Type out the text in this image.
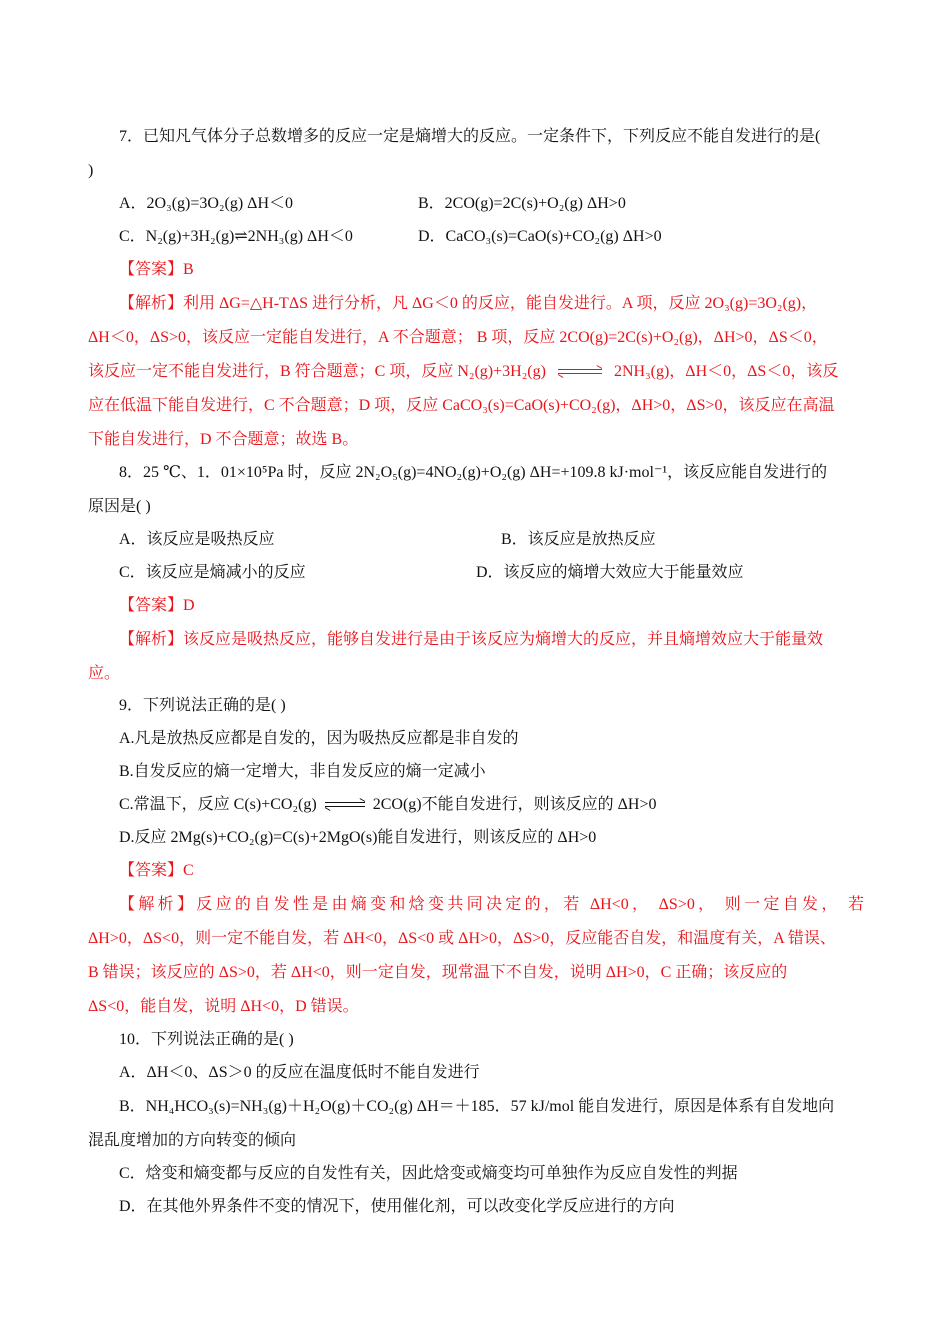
7．已知凡气体分子总数增多的反应一定是熵增大的反应。一定条件下，下列反应不能自发进行的是(
)
A．2O₃(g)=3O₂(g) ΔH＜0	B．2CO(g)=2C(s)+O₂(g) ΔH>0
C．N₂(g)+3H₂(g)⇌2NH₃(g) ΔH＜0	D．CaCO₃(s)=CaO(s)+CO₂(g) ΔH>0
【答案】B
【解析】利用 ΔG=△H-TΔS 进行分析，凡 ΔG＜0 的反应，能自发进行。A 项，反应 2O₃(g)=3O₂(g)，
ΔH＜0，ΔS>0，该反应一定能自发进行，A 不合题意； B 项，反应 2CO(g)=2C(s)+O₂(g)，ΔH>0，ΔS＜0，
该反应一定不能自发进行，B 符合题意；C 项，反应 N₂(g)+3H₂(g) ⇌ 2NH₃(g)，ΔH＜0，ΔS＜0，该反
应在低温下能自发进行，C 不合题意；D 项，反应 CaCO₃(s)=CaO(s)+CO₂(g)，ΔH>0，ΔS>0，该反应在高温
下能自发进行，D 不合题意；故选 B。
8．25 ℃、1．01×10⁵Pa 时，反应 2N₂O₅(g)=4NO₂(g)+O₂(g) ΔH=+109.8 kJ·mol⁻¹，该反应能自发进行的
原因是( )
A．该反应是吸热反应	B．该反应是放热反应
C．该反应是熵减小的反应	D．该反应的熵增大效应大于能量效应
【答案】D
【解析】该反应是吸热反应，能够自发进行是由于该反应为熵增大的反应，并且熵增效应大于能量效
应。
9．下列说法正确的是( )
A.凡是放热反应都是自发的，因为吸热反应都是非自发的
B.自发反应的熵一定增大，非自发反应的熵一定减小
C.常温下，反应 C(s)+CO₂(g) ⇌ 2CO(g)不能自发进行，则该反应的 ΔH>0
D.反应 2Mg(s)+CO₂(g)=C(s)+2MgO(s)能自发进行，则该反应的 ΔH>0
【答案】C
【解析】反应的自发性是由熵变和焓变共同决定的，若 ΔH<0， ΔS>0， 则一定自发， 若
ΔH>0，ΔS<0，则一定不能自发，若 ΔH<0，ΔS<0 或 ΔH>0，ΔS>0，反应能否自发，和温度有关，A 错误、
B 错误；该反应的 ΔS>0，若 ΔH<0，则一定自发，现常温下不自发，说明 ΔH>0，C 正确；该反应的
ΔS<0，能自发，说明 ΔH<0，D 错误。
10．下列说法正确的是( )
A．ΔH＜0、ΔS＞0 的反应在温度低时不能自发进行
B．NH₄HCO₃(s)=NH₃(g)＋H₂O(g)＋CO₂(g) ΔH＝＋185．57 kJ/mol 能自发进行，原因是体系有自发地向
混乱度增加的方向转变的倾向
C．焓变和熵变都与反应的自发性有关，因此焓变或熵变均可单独作为反应自发性的判据
D．在其他外界条件不变的情况下，使用催化剂，可以改变化学反应进行的方向
